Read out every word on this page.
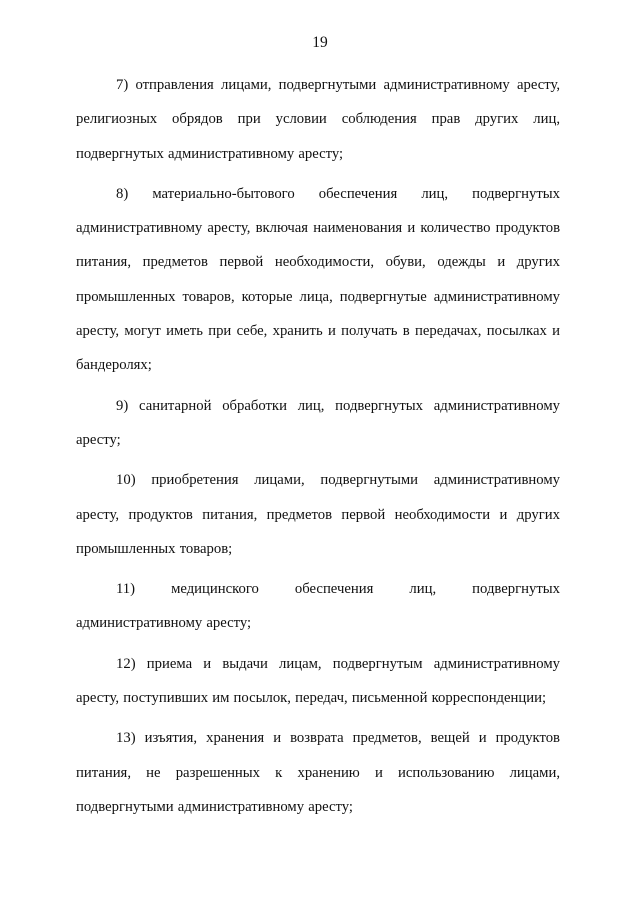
19

7) отправления лицами, подвергнутыми административному аресту, религиозных обрядов при условии соблюдения прав других лиц, подвергнутых административному аресту;

8) материально-бытового обеспечения лиц, подвергнутых административному аресту, включая наименования и количество продуктов питания, предметов первой необходимости, обуви, одежды и других промышленных товаров, которые лица, подвергнутые административному аресту, могут иметь при себе, хранить и получать в передачах, посылках и бандеролях;

9) санитарной обработки лиц, подвергнутых административному аресту;

10) приобретения лицами, подвергнутыми административному аресту, продуктов питания, предметов первой необходимости и других промышленных товаров;

11) медицинского обеспечения лиц, подвергнутых административному аресту;

12) приема и выдачи лицам, подвергнутым административному аресту, поступивших им посылок, передач, письменной корреспонденции;

13) изъятия, хранения и возврата предметов, вещей и продуктов питания, не разрешенных к хранению и использованию лицами, подвергнутыми административному аресту;
